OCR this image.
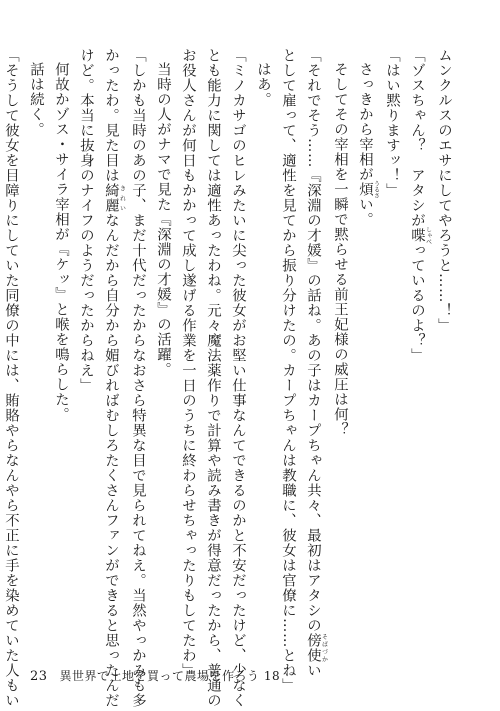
ムンクルスのエサにしてやろうと……！」
「ゾスちゃん？　アタシが喋 しゃべっているのよ？」
「はい黙りますッ！」
さっきから宰相が煩 うるさい。
そしてその宰相を一瞬で黙らせる前王妃様の威圧は何？
「それでそう……『深淵の才媛』の話ね。あの子はカープちゃん共々、最初はアタシの傍使 そばづかい
として雇って、適性を見てから振り分けたの。カープちゃんは教職に、彼女は官僚に……とね」
はあ。
「ミノカサゴのヒレみたいに尖った彼女がお堅い仕事なんてできるのかと不安だったけど、少なく
とも能力に関しては適性あったわね。元々魔法薬作りで計算や読み書きが得意だったから、普通の
お役人さんが何日もかかって成し遂げる作業を一日のうちに終わらせちゃったりもしてたわ」
当時の人がナマで見た『深淵の才媛』の活躍。
「しかも当時のあの子、まだ十代だったからなおさら特異な目で見られてねえ。当然やっかみも多
かったわ。見た目は綺麗 きれいなんだから自分から媚びればむしろたくさんファンができると思ったんだ
けど。本当に抜身のナイフのようだったからねえ」
何故かゾス・サイラ宰相が『ケッ』と喉を鳴らした。
話は続く。
「そうして彼女を目障りにしていた同僚の中には、賄賂やらなんやら不正に手を染めていた人もい 23 異世界で土地を買って農場を作ろう 18
